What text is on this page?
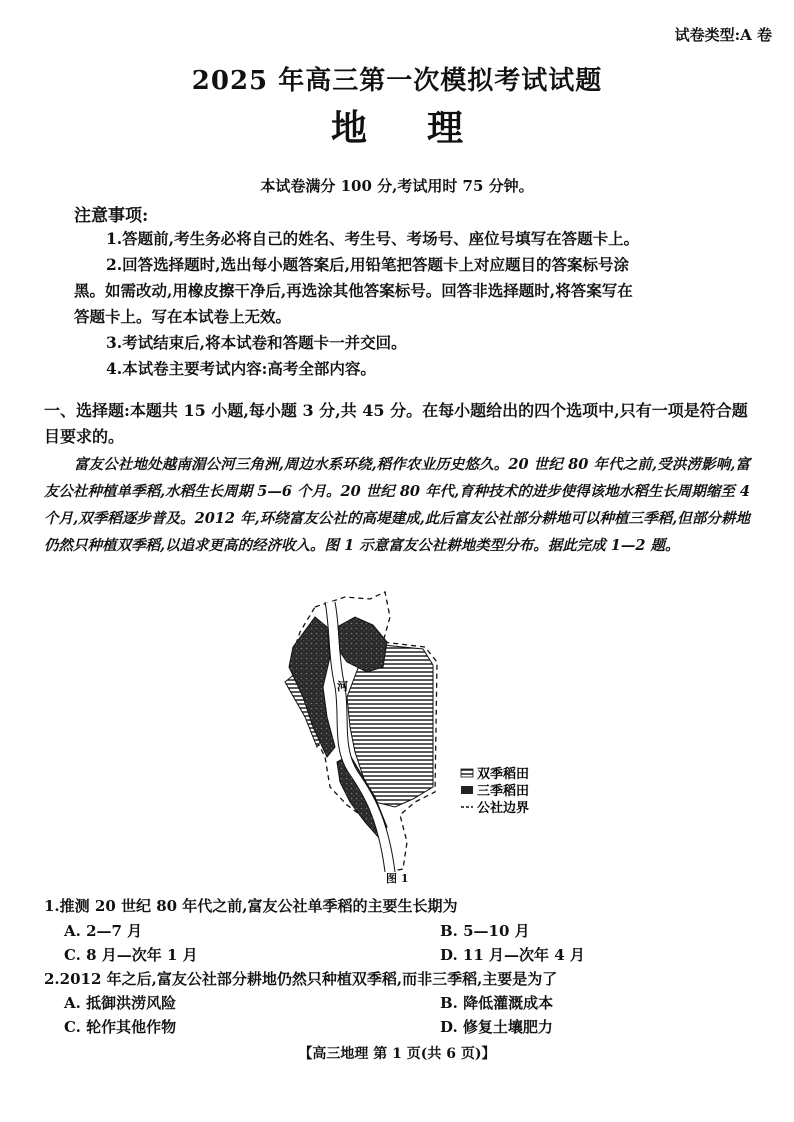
试卷类型:A 卷
2025 年高三第一次模拟考试试题
地理
本试卷满分 100 分,考试用时 75 分钟。
注意事项:
1.答题前,考生务必将自己的姓名、考生号、考场号、座位号填写在答题卡上。
2.回答选择题时,选出每小题答案后,用铅笔把答题卡上对应题目的答案标号涂
黑。如需改动,用橡皮擦干净后,再选涂其他答案标号。回答非选择题时,将答案写在
答题卡上。写在本试卷上无效。
3.考试结束后,将本试卷和答题卡一并交回。
4.本试卷主要考试内容:高考全部内容。
一、选择题:本题共 15 小题,每小题 3 分,共 45 分。在每小题给出的四个选项中,只有一项是符合题目要求的。
富友公社地处越南湄公河三角洲,周边水系环绕,稻作农业历史悠久。20 世纪 80 年代之前,受洪涝影响,富友公社种植单季稻,水稻生长周期 5—6 个月。20 世纪 80 年代,育种技术的进步使得该地水稻生长周期缩至 4 个月,双季稻逐步普及。2012 年,环绕富友公社的高堤建成,此后富友公社部分耕地可以种植三季稻,但部分耕地仍然只种植双季稻,以追求更高的经济收入。图 1 示意富友公社耕地类型分布。据此完成 1—2 题。
河
双季稻田
三季稻田
公社边界
图 1
1.推测 20 世纪 80 年代之前,富友公社单季稻的主要生长期为
A. 2—7 月	B. 5—10 月
C. 8 月—次年 1 月	D. 11 月—次年 4 月
2.2012 年之后,富友公社部分耕地仍然只种植双季稻,而非三季稻,主要是为了
A. 抵御洪涝风险	B. 降低灌溉成本
C. 轮作其他作物	D. 修复土壤肥力
【高三地理 第 1 页(共 6 页)】
